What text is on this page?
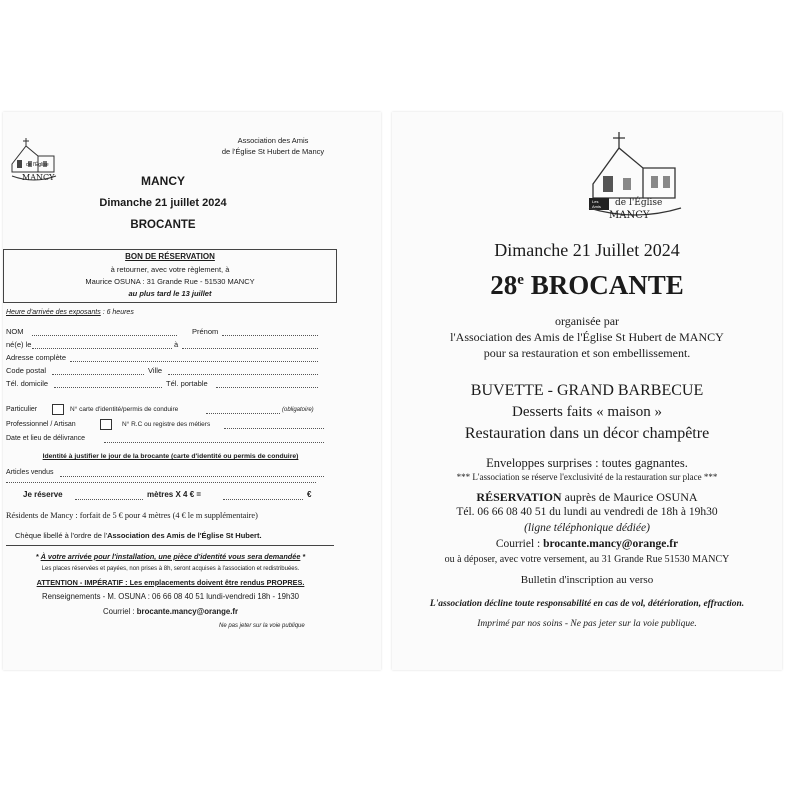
de l'Église
MANCY
Association des Amis
de l'Église St Hubert de Mancy
MANCY
Dimanche 21 juillet 2024
BROCANTE
BON DE RÉSERVATION
à retourner, avec votre règlement, à
Maurice OSUNA : 31 Grande Rue - 51530 MANCY
au plus tard le 13 juillet
Heure d'arrivée des exposants : 6 heures
NOM	Prénom
né(e) le	à
Adresse complète
Code postal	Ville
Tél. domicile	Tél. portable
Particulier	N° carte d'identité/permis de conduire	(obligatoire)
Professionnel / Artisan	N° R.C ou registre des métiers
Date et lieu de délivrance
Identité à justifier le jour de la brocante (carte d'identité ou permis de conduire)
Articles vendus
Je réserve	mètres X 4 € =	€
Résidents de Mancy : forfait de 5 € pour 4 mètres (4 € le m supplémentaire)
Chèque libellé à l'ordre de l'Association des Amis de l'Église St Hubert.
* À votre arrivée pour l'installation, une pièce d'identité vous sera demandée *
Les places réservées et payées, non prises à 8h, seront acquises à l'association et redistribuées.
ATTENTION - IMPÉRATIF : Les emplacements doivent être rendus PROPRES.
Renseignements - M. OSUNA : 06 66 08 40 51 lundi-vendredi 18h - 19h30
Courriel : brocante.mancy@orange.fr
Ne pas jeter sur la voie publique
Les
Amis de l'Église
MANCY
Dimanche 21 Juillet 2024
28e BROCANTE
organisée par
l'Association des Amis de l'Église St Hubert de MANCY
pour sa restauration et son embellissement.
BUVETTE - GRAND BARBECUE
Desserts faits « maison »
Restauration dans un décor champêtre
Enveloppes surprises : toutes gagnantes.
*** L'association se réserve l'exclusivité de la restauration sur place ***
RÉSERVATION auprès de Maurice OSUNA
Tél. 06 66 08 40 51 du lundi au vendredi de 18h à 19h30
(ligne téléphonique dédiée)
Courriel : brocante.mancy@orange.fr
ou à déposer, avec votre versement, au 31 Grande Rue 51530 MANCY
Bulletin d'inscription au verso
L'association décline toute responsabilité en cas de vol, détérioration, effraction.
Imprimé par nos soins - Ne pas jeter sur la voie publique.
